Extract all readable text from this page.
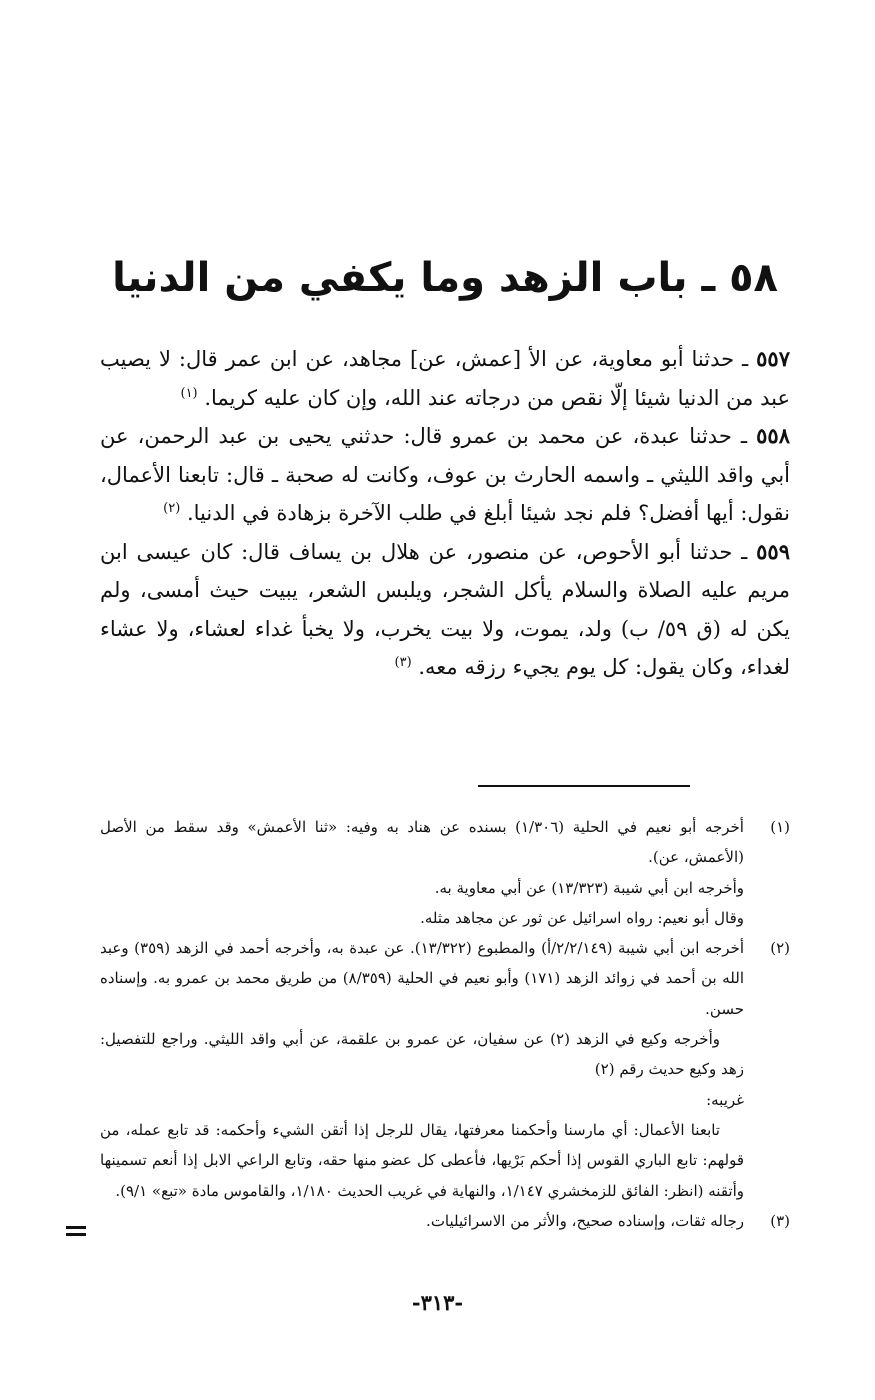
٥٨ ـ باب الزهد وما يكفي من الدنيا

٥٥٧ ـ حدثنا أبو معاوية، عن الأ [عمش، عن] مجاهد، عن ابن عمر قال: لا يصيب عبد من الدنيا شيئا إلّا نقص من درجاته عند الله، وإن كان عليه كريما. $^{(١)}$

٥٥٨ ـ حدثنا عبدة، عن محمد بن عمرو قال: حدثني يحيى بن عبد الرحمن، عن أبي واقد الليثي ـ واسمه الحارث بن عوف، وكانت له صحبة ـ قال: تابعنا الأعمال، نقول: أيها أفضل؟ فلم نجد شيئا أبلغ في طلب الآخرة بزهادة في الدنيا. $^{(٢)}$

٥٥٩ ـ حدثنا أبو الأحوص، عن منصور، عن هلال بن يساف قال: كان عيسى ابن مريم عليه الصلاة والسلام يأكل الشجر، ويلبس الشعر، يبيت حيث أمسى، ولم يكن له (ق ٥٩/ ب) ولد، يموت، ولا بيت يخرب، ولا يخبأ غداء لعشاء، ولا عشاء لغداء، وكان يقول: كل يوم يجيء رزقه معه. $^{(٣)}$

(١)

أخرجه أبو نعيم في الحلية (١/٣٠٦) بسنده عن هناد به وفيه: «ثنا الأعمش» وقد سقط من الأصل (الأعمش، عن).

وأخرجه ابن أبي شيبة (١٣/٣٢٣) عن أبي معاوية به.

وقال أبو نعيم: رواه اسرائيل عن ثور عن مجاهد مثله.

(٢)

أخرجه ابن أبي شيبة (٢/٢/١٤٩/أ) والمطبوع (١٣/٣٢٢). عن عبدة به، وأخرجه أحمد في الزهد (٣٥٩) وعبد الله بن أحمد في زوائد الزهد (١٧١) وأبو نعيم في الحلية (٨/٣٥٩) من طريق محمد بن عمرو به. وإسناده حسن.

وأخرجه وكيع في الزهد (٢) عن سفيان، عن عمرو بن علقمة، عن أبي واقد الليثي. وراجع للتفصيل: زهد وكيع حديث رقم (٢)

غريبه:

تابعنا الأعمال: أي مارسنا وأحكمنا معرفتها، يقال للرجل إذا أتقن الشيء وأحكمه: قد تابع عمله، من قولهم: تابع الباري القوس إذا أحكم بَرْيها، فأعطى كل عضو منها حقه، وتابع الراعي الابل إذا أنعم تسمينها وأتقنه (انظر: الفائق للزمخشري ١/١٤٧، والنهاية في غريب الحديث ١/١٨٠، والقاموس مادة «تبع» ٩/١).

(٣)

رجاله ثقات، وإسناده صحيح، والأثر من الاسرائيليات.

-٣١٣-
